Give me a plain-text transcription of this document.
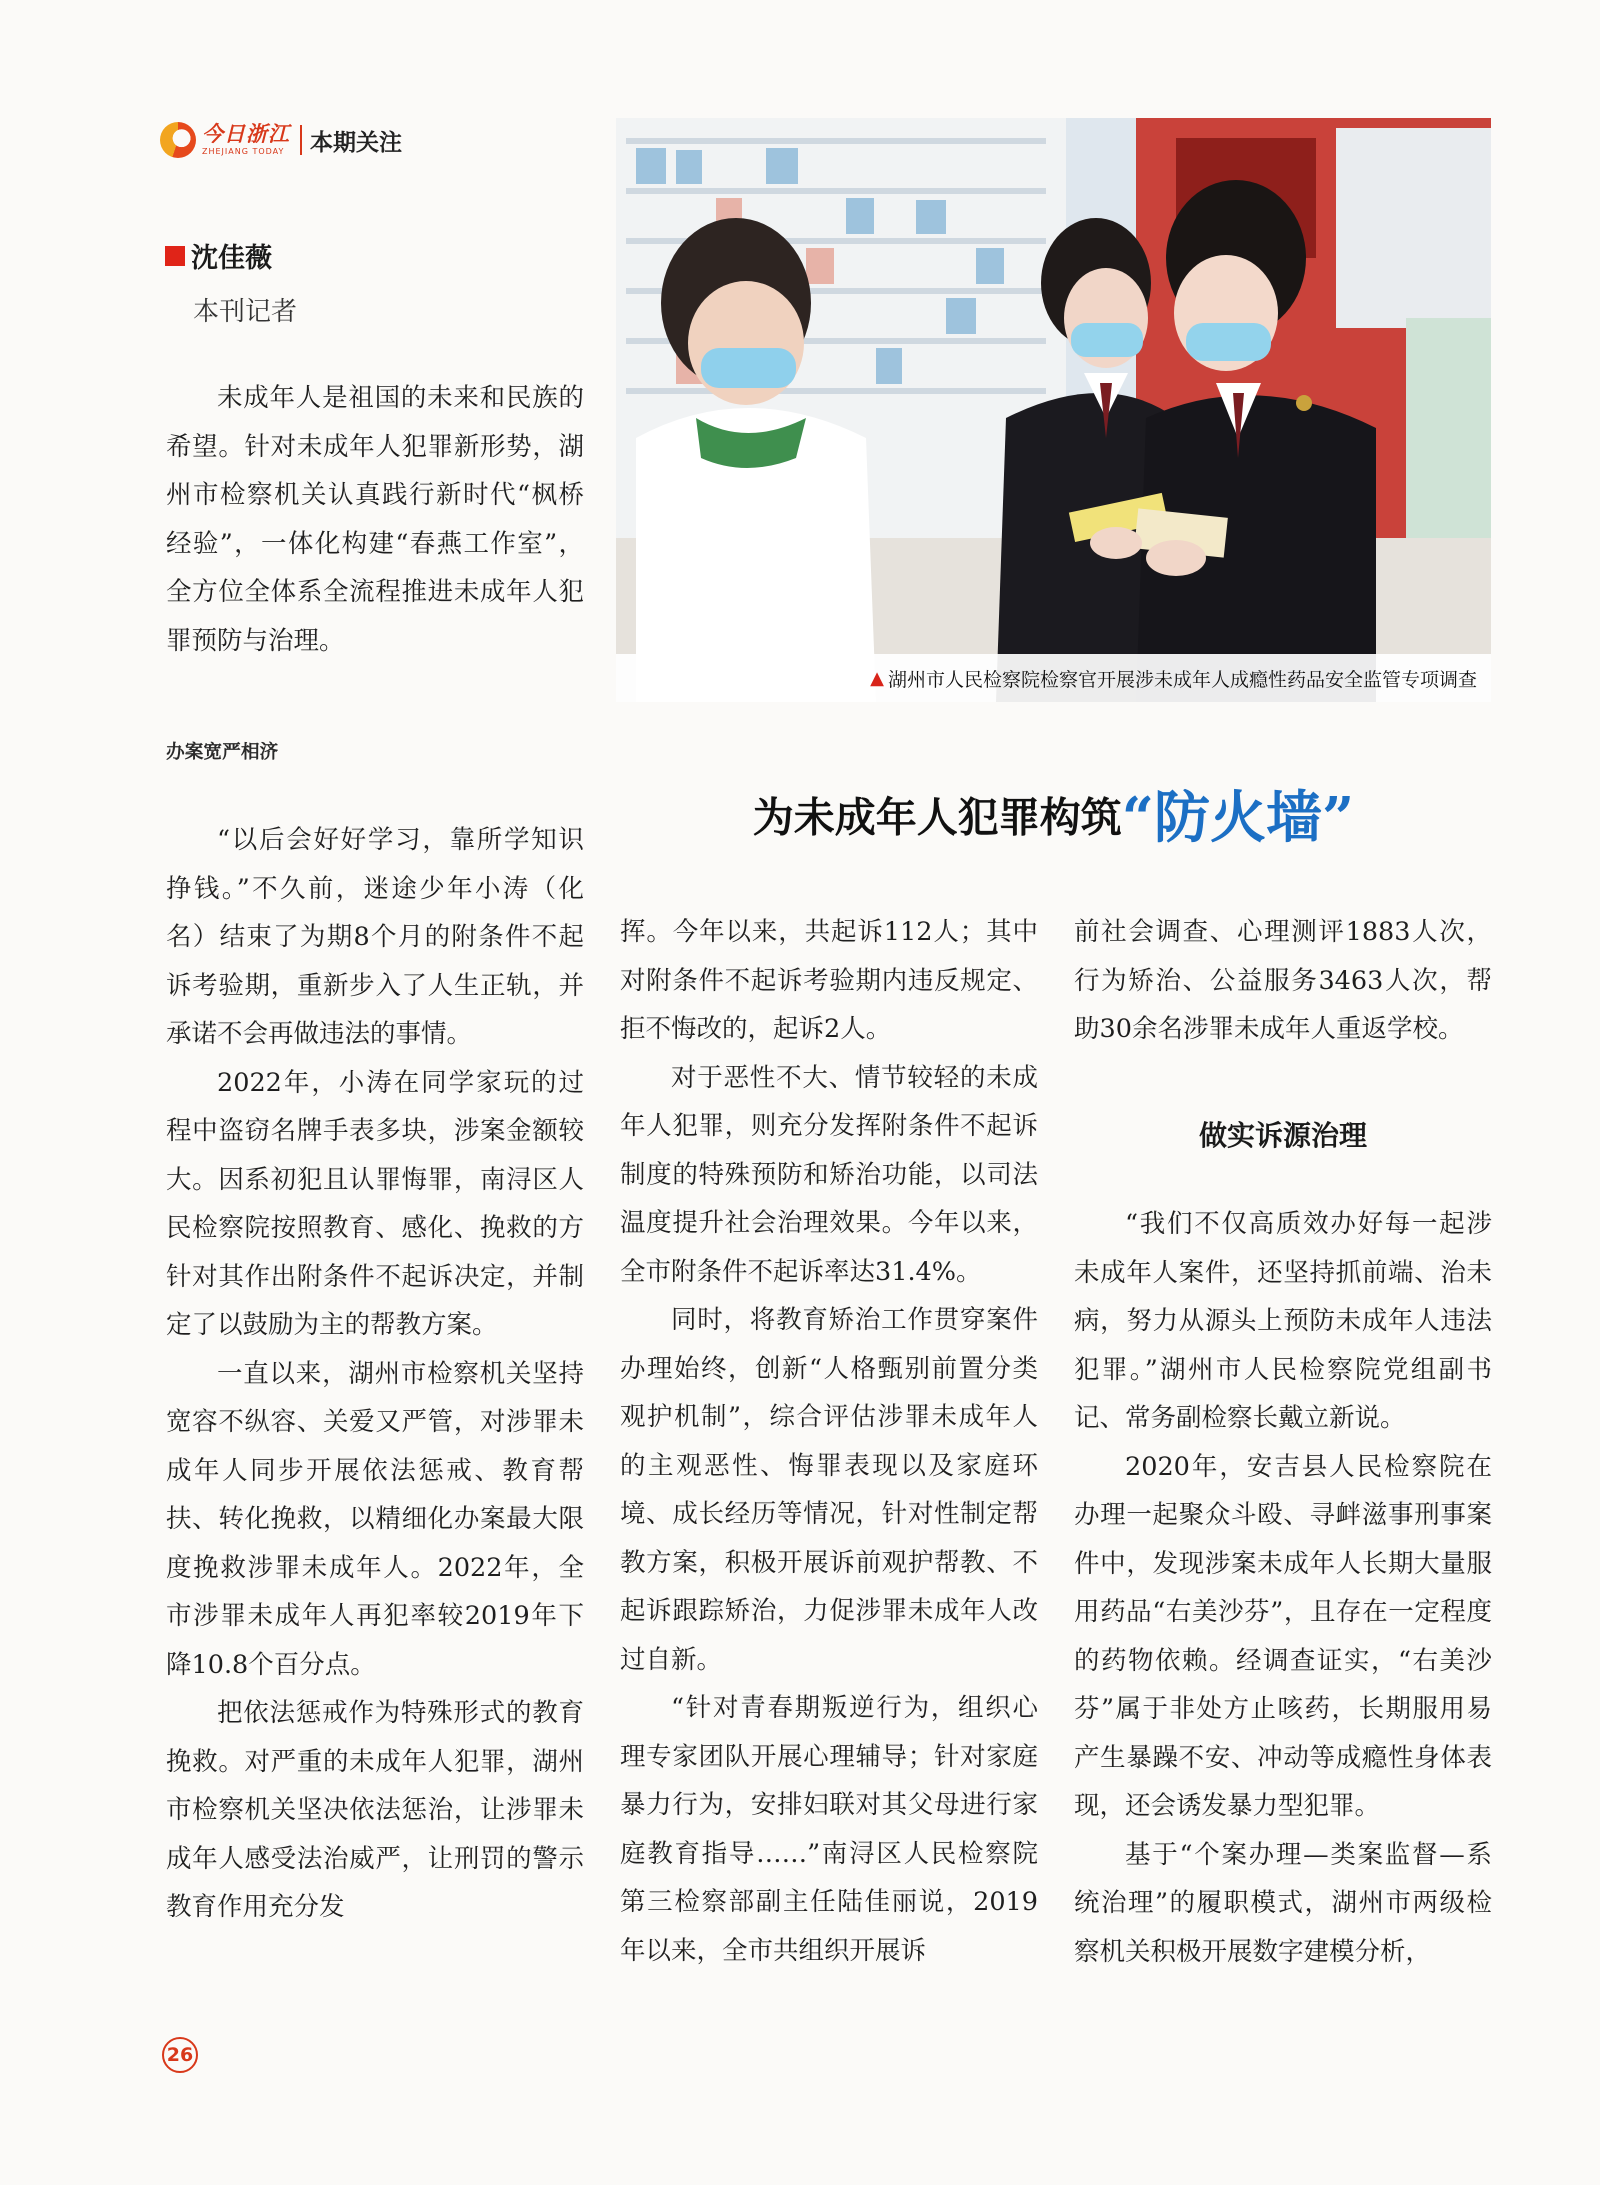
今日浙江
ZHEJIANG TODAY 本期关注
沈佳薇
本刊记者
▲ 湖州市人民检察院检察官开展涉未成年人成瘾性药品安全监管专项调查
为未成年人犯罪构筑“防火墙”

未成年人是祖国的未来和民族的希望。针对未成年人犯罪新形势，湖州市检察机关认真践行新时代“枫桥经验”，一体化构建“春燕工作室”，全方位全体系全流程推进未成年人犯罪预防与治理。

办案宽严相济

“以后会好好学习，靠所学知识挣钱。”不久前，迷途少年小涛（化名）结束了为期8个月的附条件不起诉考验期，重新步入了人生正轨，并承诺不会再做违法的事情。

2022年，小涛在同学家玩的过程中盗窃名牌手表多块，涉案金额较大。因系初犯且认罪悔罪，南浔区人民检察院按照教育、感化、挽救的方针对其作出附条件不起诉决定，并制定了以鼓励为主的帮教方案。

一直以来，湖州市检察机关坚持宽容不纵容、关爱又严管，对涉罪未成年人同步开展依法惩戒、教育帮扶、转化挽救，以精细化办案最大限度挽救涉罪未成年人。2022年，全市涉罪未成年人再犯率较2019年下降10.8个百分点。

把依法惩戒作为特殊形式的教育挽救。对严重的未成年人犯罪，湖州市检察机关坚决依法惩治，让涉罪未成年人感受法治威严，让刑罚的警示教育作用充分发

挥。今年以来，共起诉112人；其中对附条件不起诉考验期内违反规定、拒不悔改的，起诉2人。

对于恶性不大、情节较轻的未成年人犯罪，则充分发挥附条件不起诉制度的特殊预防和矫治功能，以司法温度提升社会治理效果。今年以来，全市附条件不起诉率达31.4%。

同时，将教育矫治工作贯穿案件办理始终，创新“人格甄别前置分类观护机制”，综合评估涉罪未成年人的主观恶性、悔罪表现以及家庭环境、成长经历等情况，针对性制定帮教方案，积极开展诉前观护帮教、不起诉跟踪矫治，力促涉罪未成年人改过自新。

“针对青春期叛逆行为，组织心理专家团队开展心理辅导；针对家庭暴力行为，安排妇联对其父母进行家庭教育指导……”南浔区人民检察院第三检察部副主任陆佳丽说，2019年以来，全市共组织开展诉

前社会调查、心理测评1883人次，行为矫治、公益服务3463人次，帮助30余名涉罪未成年人重返学校。

做实诉源治理

“我们不仅高质效办好每一起涉未成年人案件，还坚持抓前端、治未病，努力从源头上预防未成年人违法犯罪。”湖州市人民检察院党组副书记、常务副检察长戴立新说。

2020年，安吉县人民检察院在办理一起聚众斗殴、寻衅滋事刑事案件中，发现涉案未成年人长期大量服用药品“右美沙芬”，且存在一定程度的药物依赖。经调查证实，“右美沙芬”属于非处方止咳药，长期服用易产生暴躁不安、冲动等成瘾性身体表现，还会诱发暴力型犯罪。

基于“个案办理—类案监督—系统治理”的履职模式，湖州市两级检察机关积极开展数字建模分析，

26
